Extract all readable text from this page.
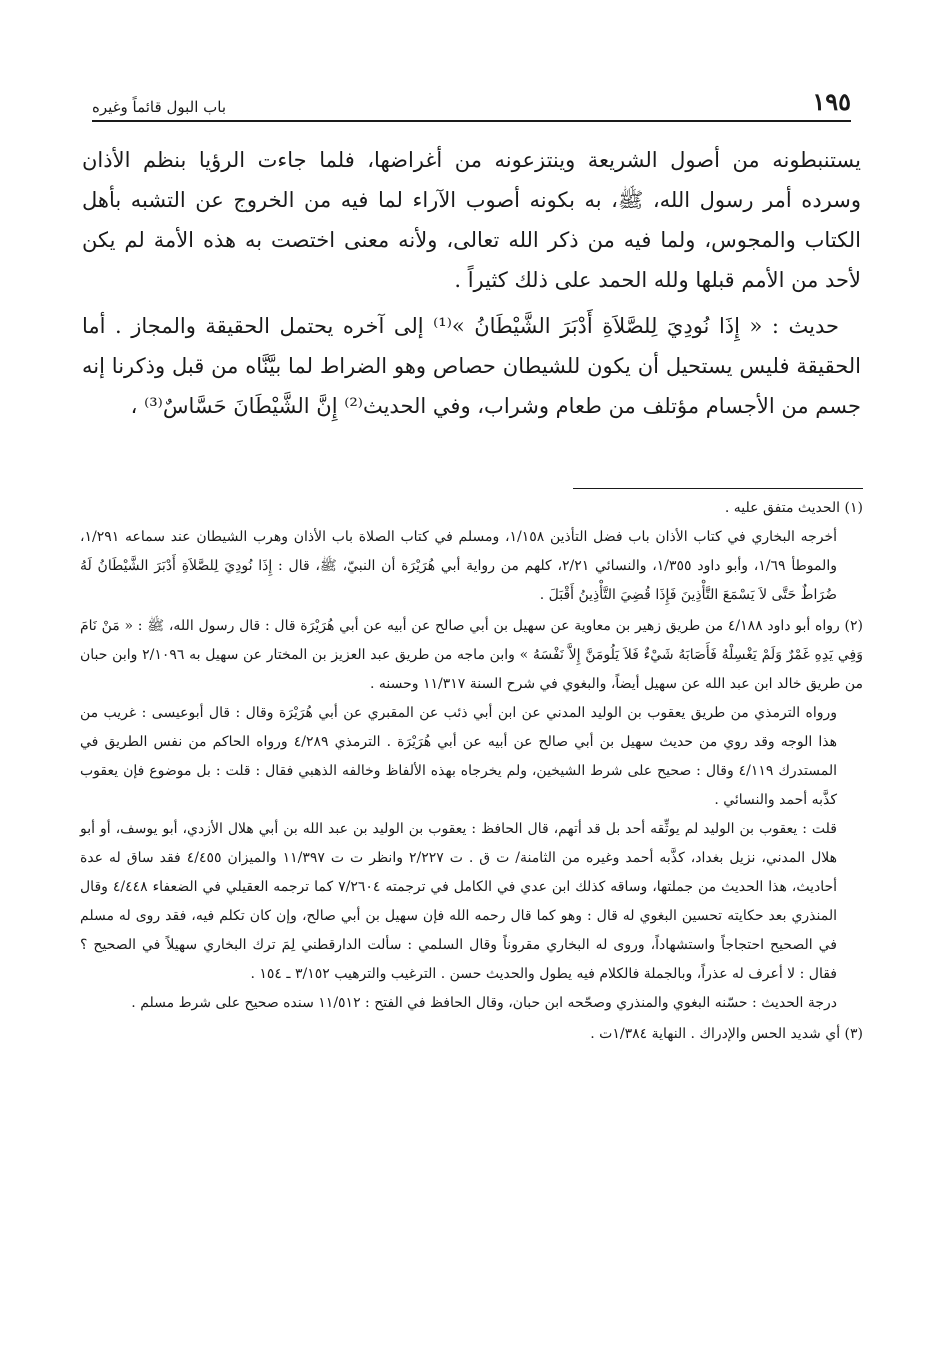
١٩٥
باب البول قائماً وغيره

يستنبطونه من أصول الشريعة وينتزعونه من أغراضها، فلما جاءت الرؤيا بنظم الأذان وسرده أمر رسول الله، ﷺ، به بكونه أصوب الآراء لما فيه من الخروج عن التشبه بأهل الكتاب والمجوس، ولما فيه من ذكر الله تعالى، ولأنه معنى اختصت به هذه الأمة لم يكن لأحد من الأمم قبلها ولله الحمد على ذلك كثيراً .

حديث : « إِذَا نُودِيَ لِلصَّلاَةِ أَدْبَرَ الشَّيْطَانُ »⁽¹⁾ إلى آخره يحتمل الحقيقة والمجاز . أما الحقيقة فليس يستحيل أن يكون للشيطان حصاص وهو الضراط لما بيَّنَّاه من قبل وذكرنا إنه جسم من الأجسام مؤتلف من طعام وشراب، وفي الحديث⁽²⁾ إِنَّ الشَّيْطَانَ حَسَّاسٌ⁽³⁾ ،

(١) الحديث متفق عليه .

أخرجه البخاري في كتاب الأذان باب فضل التأذين ١/١٥٨، ومسلم في كتاب الصلاة باب الأذان وهرب الشيطان عند سماعه ١/٢٩١، والموطأ ١/٦٩، وأبو داود ١/٣٥٥، والنسائي ٢/٢١، كلهم من رواية أبي هُرَيْرَة أن النبيّ، ﷺ، قال : إِذَا نُودِيَ لِلصَّلاَةِ أَدْبَرَ الشَّيْطَانُ لَهُ ضُرَاطٌ حَتَّى لاَ يَسْمَعَ التَّأْذِينَ فَإِذَا قُضِيَ التَّأْذِينُ أَقْبَلَ .

(٢) رواه أبو داود ٤/١٨٨ من طريق زهير بن معاوية عن سهيل بن أبي صالح عن أبيه عن أبي هُرَيْرَة قال : قال رسول الله، ﷺ : « مَنْ نَامَ وَفِي يَدِهِ غَمْرٌ وَلَمْ يَغْسِلْهُ فَأَصَابَهُ شَيْءٌ فَلاَ يَلُومَنَّ إِلاَّ نَفْسَهُ » وابن ماجه من طريق عبد العزيز بن المختار عن سهيل به ٢/١٠٩٦ وابن حبان من طريق خالد ابن عبد الله عن سهيل أيضاً، والبغوي في شرح السنة ١١/٣١٧ وحسنه .

ورواه الترمذي من طريق يعقوب بن الوليد المدني عن ابن أبي ذئب عن المقبري عن أبي هُرَيْرَة وقال : قال أبوعيسى : غريب من هذا الوجه وقد روي من حديث سهيل بن أبي صالح عن أبيه عن أبي هُرَيْرَة . الترمذي ٤/٢٨٩ ورواه الحاكم من نفس الطريق في المستدرك ٤/١١٩ وقال : صحيح على شرط الشيخين، ولم يخرجاه بهذه الألفاظ وخالفه الذهبي فقال : قلت : بل موضوع فإن يعقوب كذَّبه أحمد والنسائي .

قلت : يعقوب بن الوليد لم يوثِّقه أحد بل قد أتهم، قال الحافظ : يعقوب بن الوليد بن عبد الله بن أبي هلال الأزدي، أبو يوسف، أو أبو هلال المدني، نزيل بغداد، كذَّبه أحمد وغيره من الثامنة/ ت ق . ت ٢/٢٢٧ وانظر ت ت ١١/٣٩٧ والميزان ٤/٤٥٥ فقد ساق له عدة أحاديث، هذا الحديث من جملتها، وساقه كذلك ابن عدي في الكامل في ترجمته ٧/٢٦٠٤ كما ترجمه العقيلي في الضعفاء ٤/٤٤٨ وقال المنذري بعد حكايته تحسين البغوي له قال : وهو كما قال رحمه الله فإن سهيل بن أبي صالح، وإن كان تكلم فيه، فقد روى له مسلم في الصحيح احتجاجاً واستشهاداً، وروى له البخاري مقروناً وقال السلمي : سألت الدارقطني لِمَ ترك البخاري سهيلاً في الصحيح ؟ فقال : لا أعرف له عذراً، وبالجملة فالكلام فيه يطول والحديث حسن . الترغيب والترهيب ٣/١٥٢ ـ ١٥٤ .

درجة الحديث : حسّنه البغوي والمنذري وصحّحه ابن حبان، وقال الحافظ في الفتح : ١١/٥١٢ سنده صحيح على شرط مسلم .

(٣) أي شديد الحس والإدراك . النهاية ١/٣٨٤ت .
